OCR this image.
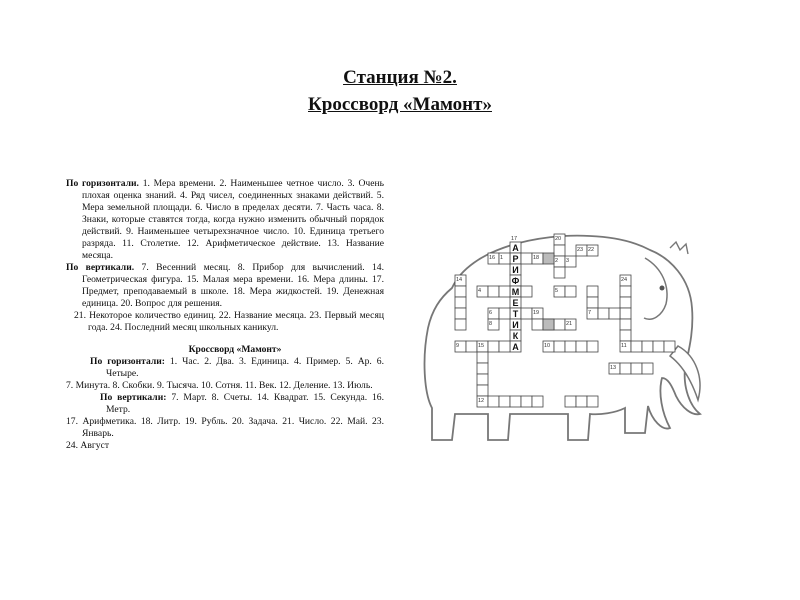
Станция №2.
Кроссворд «Мамонт»

По горизонтали. 1. Мера времени. 2. Наименьшее четное число. 3. Очень плохая оценка знаний. 4. Ряд чисел, соединенных знаками действий. 5. Мера земельной площади. 6. Число в пределах десяти. 7. Часть часа. 8. Знаки, которые ставятся тогда, когда нужно изменить обычный порядок действий. 9. Наименьшее четырехзначное число. 10. Единица третьего разряда. 11. Столетие. 12. Арифметическое действие. 13. Название месяца.

По вертикали. 7. Весенний месяц. 8. Прибор для вычислений. 14. Геометрическая фигура. 15. Малая мера времени. 16. Мера длины. 17. Предмет, преподаваемый в школе. 18. Мера жидкостей. 19. Денежная единица. 20. Вопрос для решения.

21. Некоторое количество единиц. 22. Название месяца. 23. Первый месяц года. 24. Последний месяц школьных каникул.

Кроссворд «Мамонт»

По горизонтали: 1. Час. 2. Два. 3. Единица. 4. Пример. 5. Ар. 6. Четыре.

7. Минута. 8. Скобки. 9. Тысяча. 10. Сотня. 11. Век. 12. Деление. 13. Июль.

По вертикали: 7. Март. 8. Счеты. 14. Квадрат. 15. Секунда. 16. Метр.

17. Арифметика. 18. Литр. 19. Рубль. 20. Задача. 21. Число. 22. Май. 23. Январь.

24. Август

А
Р
И
Ф
М
Е
Т
И
К
А
17	20
16 1	18	2
22
3
23
14
4	5
24
6	19	7
21
8
9	15	10	11
12
13
